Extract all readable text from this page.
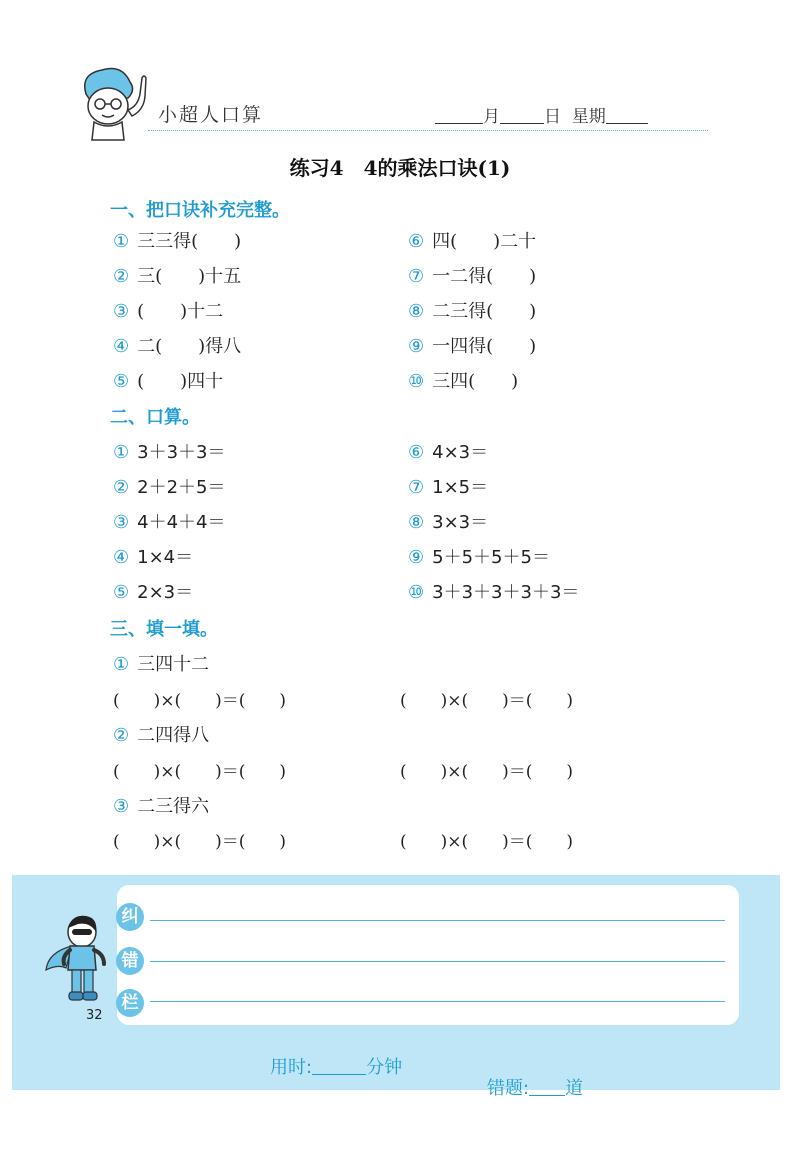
小超人口算	月	日 星期
练习4　4的乘法口诀(1)
一、把口诀补充完整。
① 三三得(　　)	⑥ 四(　　)二十
② 三(　　)十五	⑦ 一二得(　　)
③ (　　)十二	⑧ 二三得(　　)
④ 二(　　)得八	⑨ 一四得(　　)
⑤ (　　)四十	⑩ 三四(　　)
二、口算。
① 3＋3＋3＝	⑥ 4×3＝
② 2＋2＋5＝	⑦ 1×5＝
③ 4＋4＋4＝	⑧ 3×3＝
④ 1×4＝	⑨ 5＋5＋5＋5＝
⑤ 2×3＝	⑩ 3＋3＋3＋3＋3＝
三、填一填。
① 三四十二
(　　)×(　　)＝(　　)	(　　)×(　　)＝(　　)
② 二四得八
(　　)×(　　)＝(　　)	(　　)×(　　)＝(　　)
③ 二三得六
(　　)×(　　)＝(　　)	(　　)×(　　)＝(　　)
纠
错
栏
32

用时:	分钟

错题: 道
